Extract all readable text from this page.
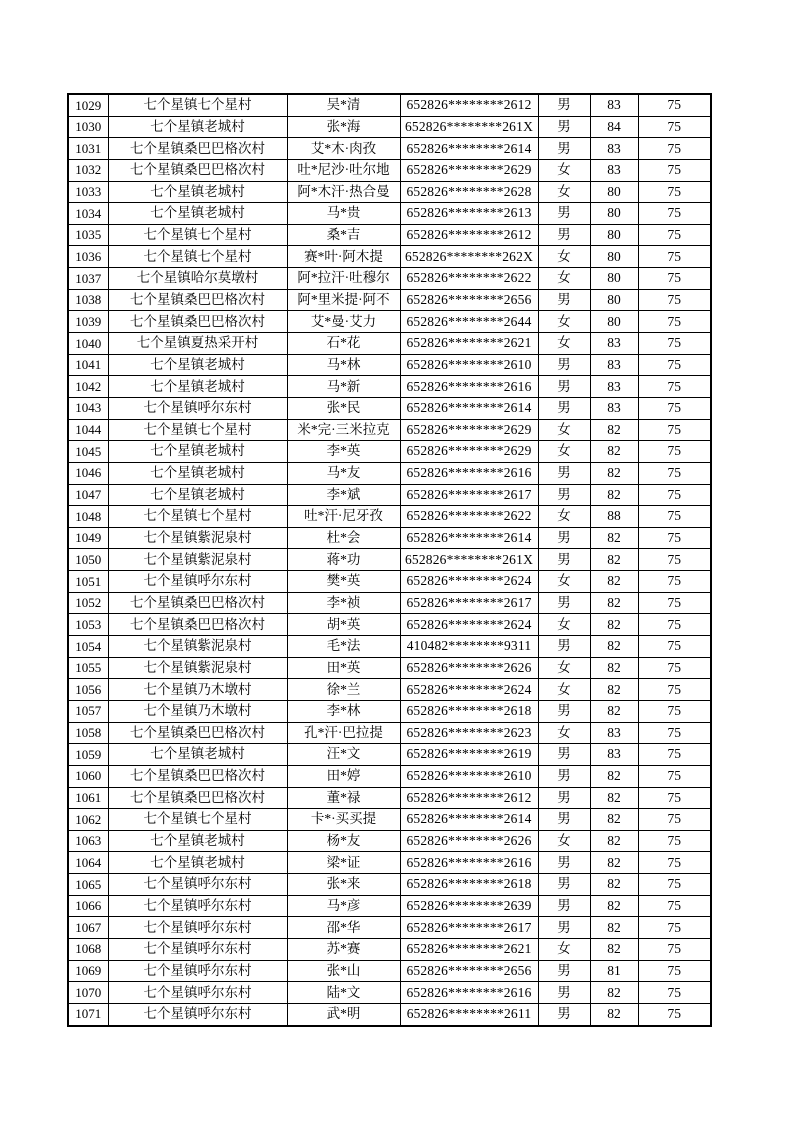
1029	七个星镇七个星村	吴*清	652826********2612	男	83	75
1030	七个星镇老城村	张*海	652826********261X	男	84	75
1031	七个星镇桑巴巴格次村	艾*木·肉孜	652826********2614	男	83	75
1032	七个星镇桑巴巴格次村	吐*尼沙·吐尔地	652826********2629	女	83	75
1033	七个星镇老城村	阿*木汗·热合曼	652826********2628	女	80	75
1034	七个星镇老城村	马*贵	652826********2613	男	80	75
1035	七个星镇七个星村	桑*吉	652826********2612	男	80	75
1036	七个星镇七个星村	赛*叶·阿木提	652826********262X	女	80	75
1037	七个星镇哈尔莫墩村	阿*拉汗·吐穆尔	652826********2622	女	80	75
1038	七个星镇桑巴巴格次村	阿*里米提·阿不	652826********2656	男	80	75
1039	七个星镇桑巴巴格次村	艾*曼·艾力	652826********2644	女	80	75
1040	七个星镇夏热采开村	石*花	652826********2621	女	83	75
1041	七个星镇老城村	马*林	652826********2610	男	83	75
1042	七个星镇老城村	马*新	652826********2616	男	83	75
1043	七个星镇呼尔东村	张*民	652826********2614	男	83	75
1044	七个星镇七个星村	米*完·三米拉克	652826********2629	女	82	75
1045	七个星镇老城村	李*英	652826********2629	女	82	75
1046	七个星镇老城村	马*友	652826********2616	男	82	75
1047	七个星镇老城村	李*斌	652826********2617	男	82	75
1048	七个星镇七个星村	吐*汗·尼牙孜	652826********2622	女	88	75
1049	七个星镇紫泥泉村	杜*会	652826********2614	男	82	75
1050	七个星镇紫泥泉村	蒋*功	652826********261X	男	82	75
1051	七个星镇呼尔东村	樊*英	652826********2624	女	82	75
1052	七个星镇桑巴巴格次村	李*祯	652826********2617	男	82	75
1053	七个星镇桑巴巴格次村	胡*英	652826********2624	女	82	75
1054	七个星镇紫泥泉村	毛*法	410482********9311	男	82	75
1055	七个星镇紫泥泉村	田*英	652826********2626	女	82	75
1056	七个星镇乃木墩村	徐*兰	652826********2624	女	82	75
1057	七个星镇乃木墩村	李*林	652826********2618	男	82	75
1058	七个星镇桑巴巴格次村	孔*汗·巴拉提	652826********2623	女	83	75
1059	七个星镇老城村	汪*文	652826********2619	男	83	75
1060	七个星镇桑巴巴格次村	田*婷	652826********2610	男	82	75
1061	七个星镇桑巴巴格次村	董*禄	652826********2612	男	82	75
1062	七个星镇七个星村	卡*·买买提	652826********2614	男	82	75
1063	七个星镇老城村	杨*友	652826********2626	女	82	75
1064	七个星镇老城村	梁*证	652826********2616	男	82	75
1065	七个星镇呼尔东村	张*来	652826********2618	男	82	75
1066	七个星镇呼尔东村	马*彦	652826********2639	男	82	75
1067	七个星镇呼尔东村	邵*华	652826********2617	男	82	75
1068	七个星镇呼尔东村	苏*赛	652826********2621	女	82	75
1069	七个星镇呼尔东村	张*山	652826********2656	男	81	75
1070	七个星镇呼尔东村	陆*文	652826********2616	男	82	75
1071	七个星镇呼尔东村	武*明	652826********2611	男	82	75
